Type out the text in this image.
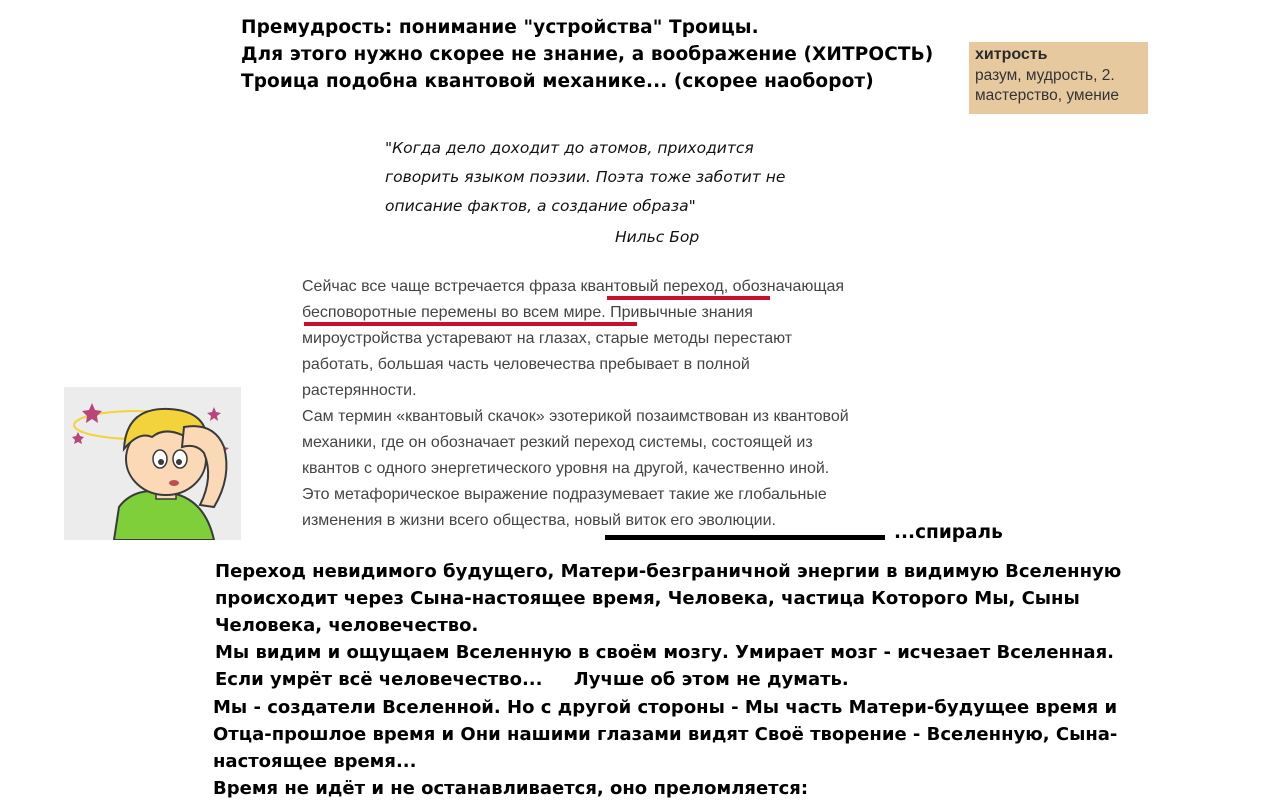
Премудрость: понимание "устройства" Троицы.
Для этого нужно скорее не знание, а воображение (ХИТРОСТЬ)
Троица подобна квантовой механике... (скорее наоборот)
хитрость
разум, мудрость, 2.
мастерство, умение
"Когда дело доходит до атомов, приходится
говорить языком поэзии. Поэта тоже заботит не
описание фактов, а создание образа"
Нильс Бор
Сейчас все чаще встречается фраза квантовый переход, обозначающая
бесповоротные перемены во всем мире. Привычные знания
мироустройства устаревают на глазах, старые методы перестают
работать, большая часть человечества пребывает в полной
растерянности.
Сам термин «квантовый скачок» эзотерикой позаимствован из квантовой
механики, где он обозначает резкий переход системы, состоящей из
квантов с одного энергетического уровня на другой, качественно иной.
Это метафорическое выражение подразумевает такие же глобальные
изменения в жизни всего общества, новый виток его эволюции.
...спираль
Переход невидимого будущего, Матери-безграничной энергии в видимую Вселенную
происходит через Сына-настоящее время, Человека, частица Которого Мы, Сыны
Человека, человечество.
Мы видим и ощущаем Вселенную в своём мозгу. Умирает мозг - исчезает Вселенная.
Если умрёт всё человечество...     Лучше об этом не думать.
Мы - создатели Вселенной. Но с другой стороны - Мы часть Матери-будущее время и
Отца-прошлое время и Они нашими глазами видят Своё творение - Вселенную, Сына-
настоящее время...
Время не идёт и не останавливается, оно преломляется:
